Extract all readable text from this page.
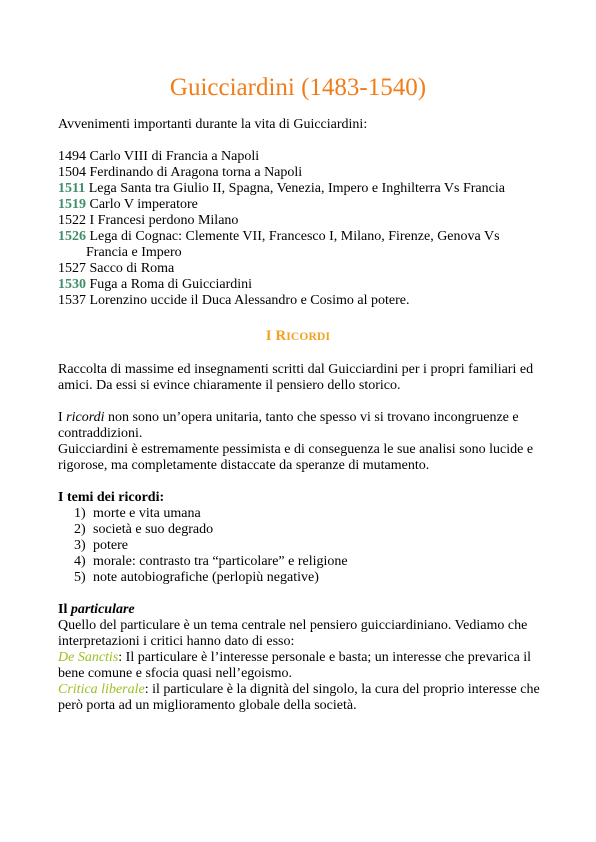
Guicciardini (1483-1540)
Avvenimenti importanti durante la vita di Guicciardini:
1494 Carlo VIII di Francia a Napoli
1504 Ferdinando di Aragona torna a Napoli
1511 Lega Santa tra Giulio II, Spagna, Venezia, Impero e Inghilterra Vs Francia
1519 Carlo V imperatore
1522 I Francesi perdono Milano
1526 Lega di Cognac: Clemente VII, Francesco I, Milano, Firenze, Genova Vs
Francia e Impero
1527 Sacco di Roma
1530 Fuga a Roma di Guicciardini
1537 Lorenzino uccide il Duca Alessandro e Cosimo al potere.
I RICORDI
Raccolta di massime ed insegnamenti scritti dal Guicciardini per i propri familiari ed
amici. Da essi si evince chiaramente il pensiero dello storico.
I ricordi non sono un’opera unitaria, tanto che spesso vi si trovano incongruenze e
contraddizioni.
Guicciardini è estremamente pessimista e di conseguenza le sue analisi sono lucide e
rigorose, ma completamente distaccate da speranze di mutamento.
I temi dei ricordi:
1) morte e vita umana
2) società e suo degrado
3) potere
4) morale: contrasto tra “particolare” e religione
5) note autobiografiche (perlopiù negative)
Il particulare
Quello del particulare è un tema centrale nel pensiero guicciardiniano. Vediamo che
interpretazioni i critici hanno dato di esso:
De Sanctis: Il particulare è l’interesse personale e basta; un interesse che prevarica il
bene comune e sfocia quasi nell’egoismo.
Critica liberale: il particulare è la dignità del singolo, la cura del proprio interesse che
però porta ad un miglioramento globale della società.
